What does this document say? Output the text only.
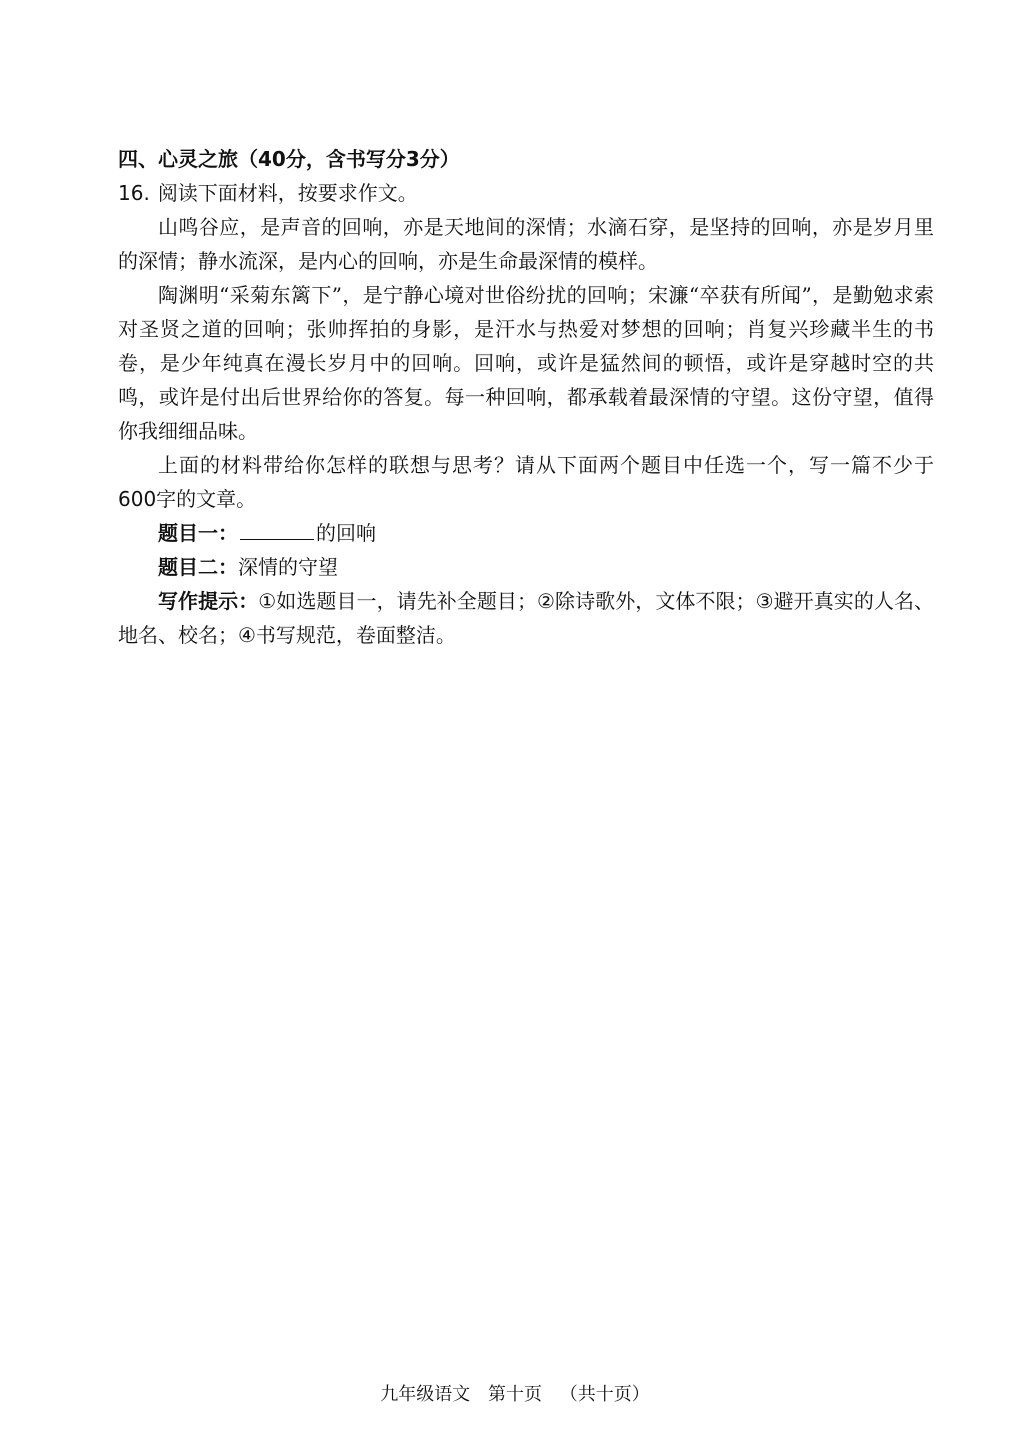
四、心灵之旅（40分，含书写分3分）

16. 阅读下面材料，按要求作文。

山鸣谷应，是声音的回响，亦是天地间的深情；水滴石穿，是坚持的回响，亦是岁月里的深情；静水流深，是内心的回响，亦是生命最深情的模样。

陶渊明“采菊东篱下”，是宁静心境对世俗纷扰的回响；宋濂“卒获有所闻”，是勤勉求索对圣贤之道的回响；张帅挥拍的身影，是汗水与热爱对梦想的回响；肖复兴珍藏半生的书卷，是少年纯真在漫长岁月中的回响。回响，或许是猛然间的顿悟，或许是穿越时空的共鸣，或许是付出后世界给你的答复。每一种回响，都承载着最深情的守望。这份守望，值得你我细细品味。

上面的材料带给你怎样的联想与思考？请从下面两个题目中任选一个，写一篇不少于600字的文章。

题目一：	的回响

题目二：深情的守望

写作提示：①如选题目一，请先补全题目；②除诗歌外，文体不限；③避开真实的人名、地名、校名；④书写规范，卷面整洁。

九年级语文 第十页 （共十页）
